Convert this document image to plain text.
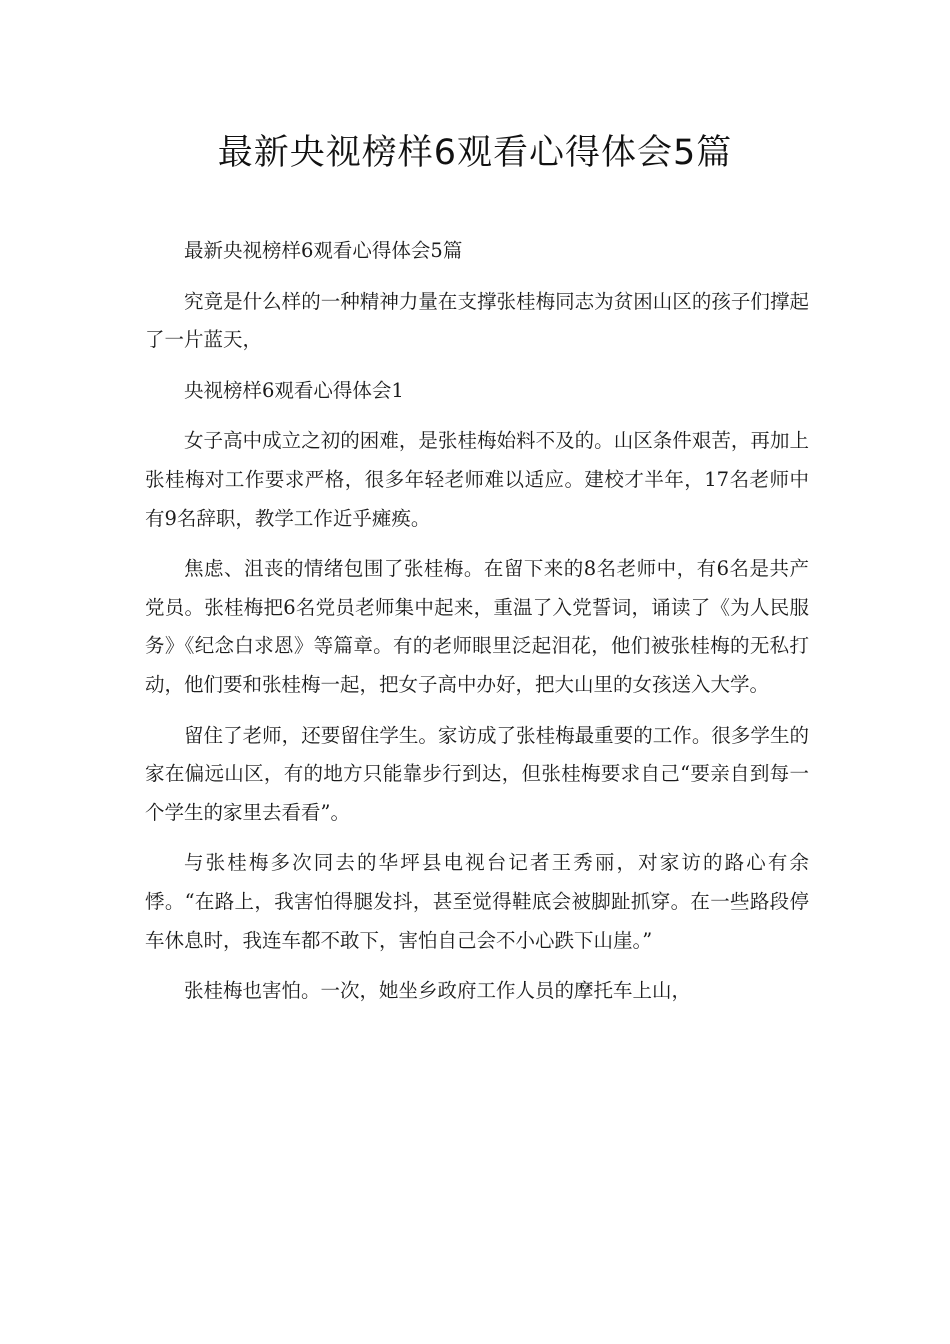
最新央视榜样6观看心得体会5篇

最新央视榜样6观看心得体会5篇

究竟是什么样的一种精神力量在支撑张桂梅同志为贫困山区的孩子们撑起了一片蓝天，

央视榜样6观看心得体会1

女子高中成立之初的困难，是张桂梅始料不及的。山区条件艰苦，再加上张桂梅对工作要求严格，很多年轻老师难以适应。建校才半年，17名老师中有9名辞职，教学工作近乎瘫痪。

焦虑、沮丧的情绪包围了张桂梅。在留下来的8名老师中，有6名是共产党员。张桂梅把6名党员老师集中起来，重温了入党誓词，诵读了《为人民服务》《纪念白求恩》等篇章。有的老师眼里泛起泪花，他们被张桂梅的无私打动，他们要和张桂梅一起，把女子高中办好，把大山里的女孩送入大学。

留住了老师，还要留住学生。家访成了张桂梅最重要的工作。很多学生的家在偏远山区，有的地方只能靠步行到达，但张桂梅要求自己“要亲自到每一个学生的家里去看看”。

与张桂梅多次同去的华坪县电视台记者王秀丽，对家访的路心有余悸。“在路上，我害怕得腿发抖，甚至觉得鞋底会被脚趾抓穿。在一些路段停车休息时，我连车都不敢下，害怕自己会不小心跌下山崖。”

张桂梅也害怕。一次，她坐乡政府工作人员的摩托车上山，
